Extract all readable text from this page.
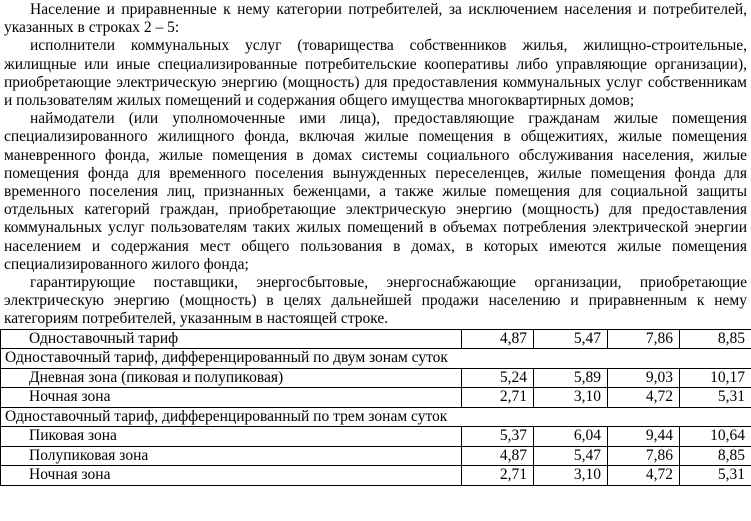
Население и приравненные к нему категории потребителей, за исключением населения и потребителей, указанных в строках 2 – 5:

исполнители коммунальных услуг (товарищества собственников жилья, жилищно-строительные, жилищные или иные специализированные потребительские кооперативы либо управляющие организации), приобретающие электрическую энергию (мощность) для предоставления коммунальных услуг собственникам и пользователям жилых помещений и содержания общего имущества многоквартирных домов;

наймодатели (или уполномоченные ими лица), предоставляющие гражданам жилые помещения специализированного жилищного фонда, включая жилые помещения в общежитиях, жилые помещения маневренного фонда, жилые помещения в домах системы социального обслуживания населения, жилые помещения фонда для временного поселения вынужденных переселенцев, жилые помещения фонда для временного поселения лиц, признанных беженцами, а также жилые помещения для социальной защиты отдельных категорий граждан, приобретающие электрическую энергию (мощность) для предоставления коммунальных услуг пользователям таких жилых помещений в объемах потребления электрической энергии населением и содержания мест общего пользования в домах, в которых имеются жилые помещения специализированного жилого фонда;

гарантирующие поставщики, энергосбытовые, энергоснабжающие организации, приобретающие электрическую энергию (мощность) в целях дальнейшей продажи населению и приравненным к нему категориям потребителей, указанным в настоящей строке.

Одноставочный тариф	4,87	5,47	7,86	8,85
Одноставочный тариф, дифференцированный по двум зонам суток				
Дневная зона (пиковая и полупиковая)	5,24	5,89	9,03	10,17
Ночная зона	2,71	3,10	4,72	5,31
Одноставочный тариф, дифференцированный по трем зонам суток				
Пиковая зона	5,37	6,04	9,44	10,64
Полупиковая зона	4,87	5,47	7,86	8,85
Ночная зона	2,71	3,10	4,72	5,31
